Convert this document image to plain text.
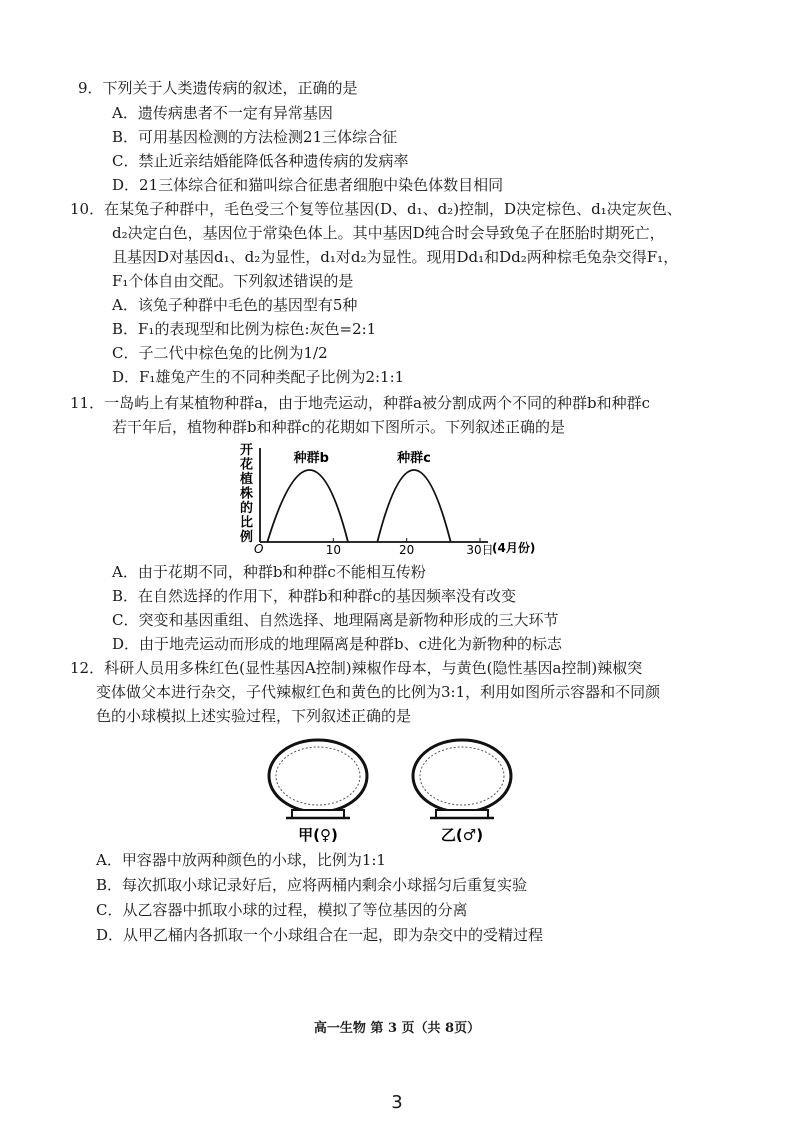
9．下列关于人类遗传病的叙述，正确的是
A．遗传病患者不一定有异常基因
B．可用基因检测的方法检测21三体综合征
C．禁止近亲结婚能降低各种遗传病的发病率
D．21三体综合征和猫叫综合征患者细胞中染色体数目相同
10．在某兔子种群中，毛色受三个复等位基因(D、d₁、d₂)控制，D决定棕色、d₁决定灰色、
d₂决定白色，基因位于常染色体上。其中基因D纯合时会导致兔子在胚胎时期死亡，
且基因D对基因d₁、d₂为显性，d₁对d₂为显性。现用Dd₁和Dd₂两种棕毛兔杂交得F₁，
F₁个体自由交配。下列叙述错误的是
A．该兔子种群中毛色的基因型有5种
B．F₁的表现型和比例为棕色:灰色=2:1
C．子二代中棕色兔的比例为1/2
D．F₁雄兔产生的不同种类配子比例为2:1:1
11．一岛屿上有某植物种群a，由于地壳运动，种群a被分割成两个不同的种群b和种群c
若干年后，植物种群b和种群c的花期如下图所示。下列叙述正确的是
开花植株的比例
O	10	20	30日
种群b	种群c
(4月份)
A．由于花期不同，种群b和种群c不能相互传粉
B．在自然选择的作用下，种群b和种群c的基因频率没有改变
C．突变和基因重组、自然选择、地理隔离是新物种形成的三大环节
D．由于地壳运动而形成的地理隔离是种群b、c进化为新物种的标志
12．科研人员用多株红色(显性基因A控制)辣椒作母本，与黄色(隐性基因a控制)辣椒突
变体做父本进行杂交，子代辣椒红色和黄色的比例为3:1，利用如图所示容器和不同颜
色的小球模拟上述实验过程，下列叙述正确的是
甲(♀)	乙(♂)
A．甲容器中放两种颜色的小球，比例为1:1
B．每次抓取小球记录好后，应将两桶内剩余小球摇匀后重复实验
C．从乙容器中抓取小球的过程，模拟了等位基因的分离
D．从甲乙桶内各抓取一个小球组合在一起，即为杂交中的受精过程
高一生物 第 3 页（共 8页）
3
